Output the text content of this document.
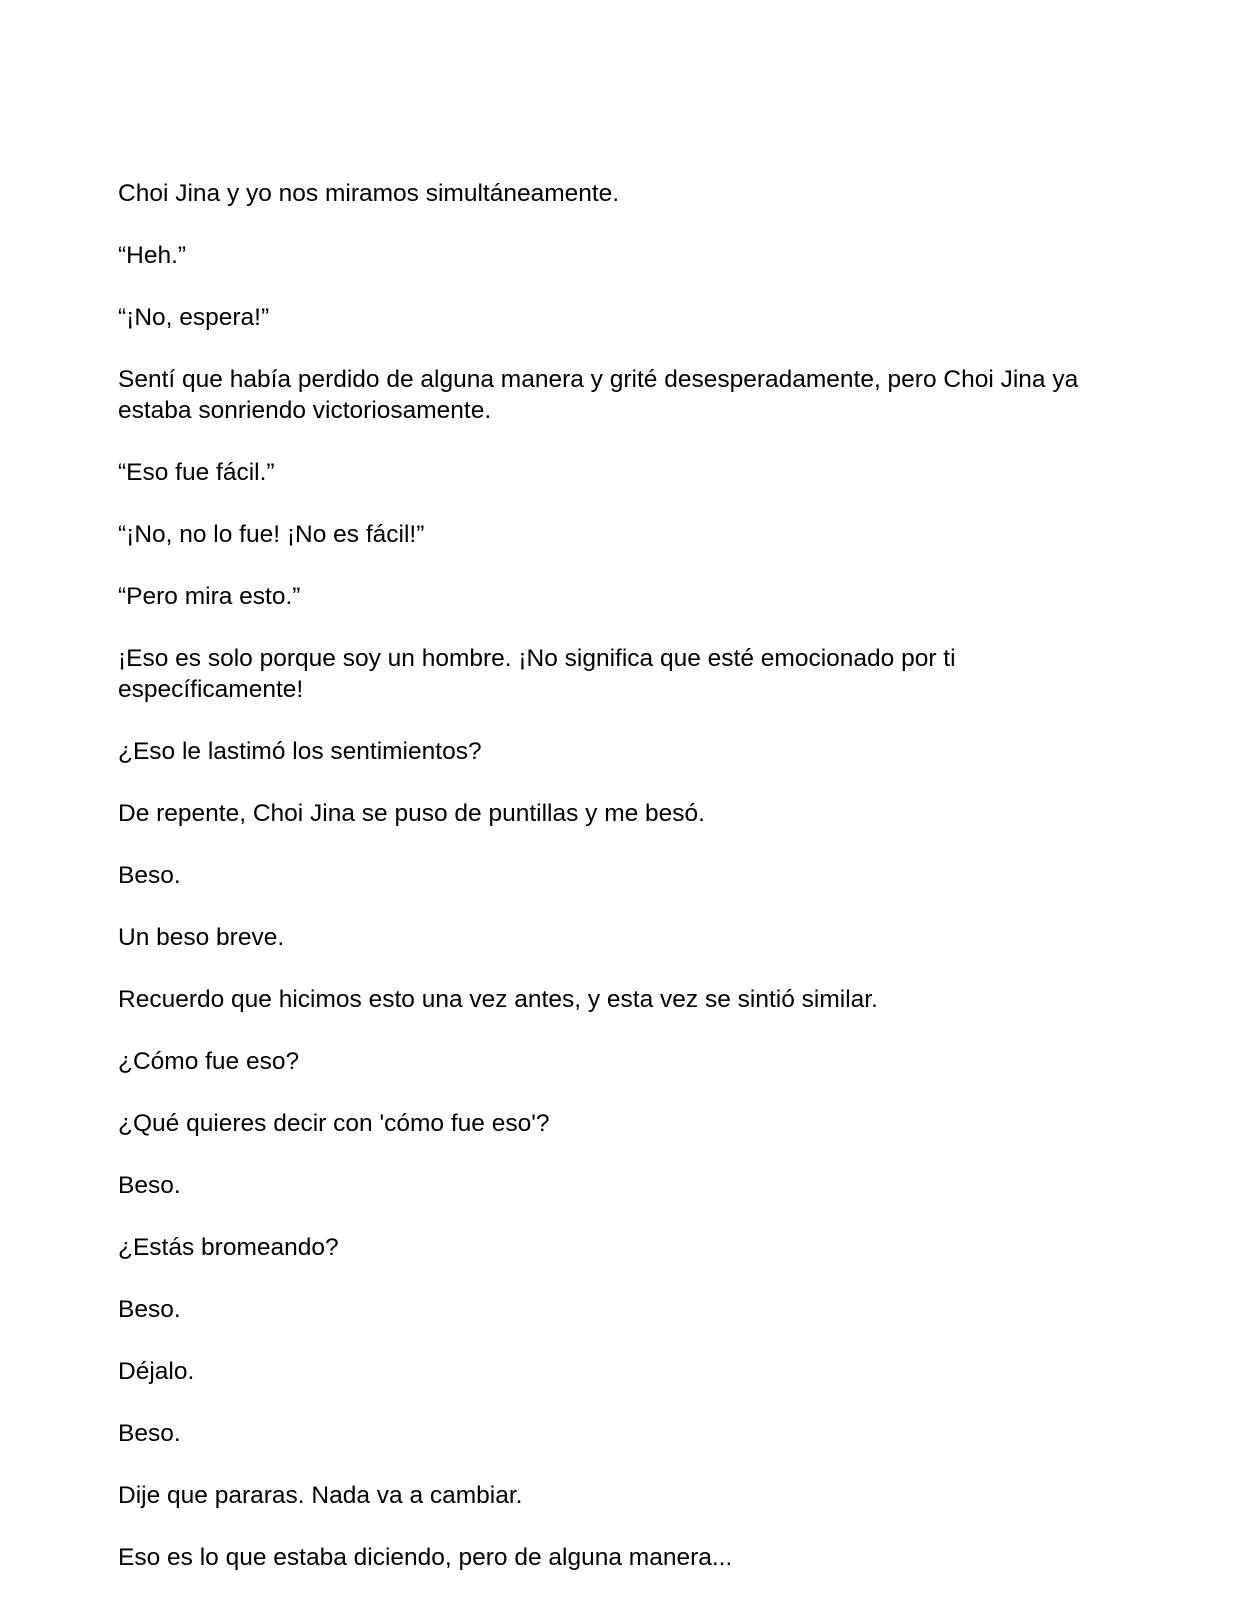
Choi Jina y yo nos miramos simultáneamente.

“Heh.”

“¡No, espera!”

Sentí que había perdido de alguna manera y grité desesperadamente, pero Choi Jina ya estaba sonriendo victoriosamente.

“Eso fue fácil.”

“¡No, no lo fue! ¡No es fácil!”

“Pero mira esto.”

¡Eso es solo porque soy un hombre. ¡No significa que esté emocionado por ti específicamente!

¿Eso le lastimó los sentimientos?

De repente, Choi Jina se puso de puntillas y me besó.

Beso.

Un beso breve.

Recuerdo que hicimos esto una vez antes, y esta vez se sintió similar.

¿Cómo fue eso?

¿Qué quieres decir con 'cómo fue eso'?

Beso.

¿Estás bromeando?

Beso.

Déjalo.

Beso.

Dije que pararas. Nada va a cambiar.

Eso es lo que estaba diciendo, pero de alguna manera...
